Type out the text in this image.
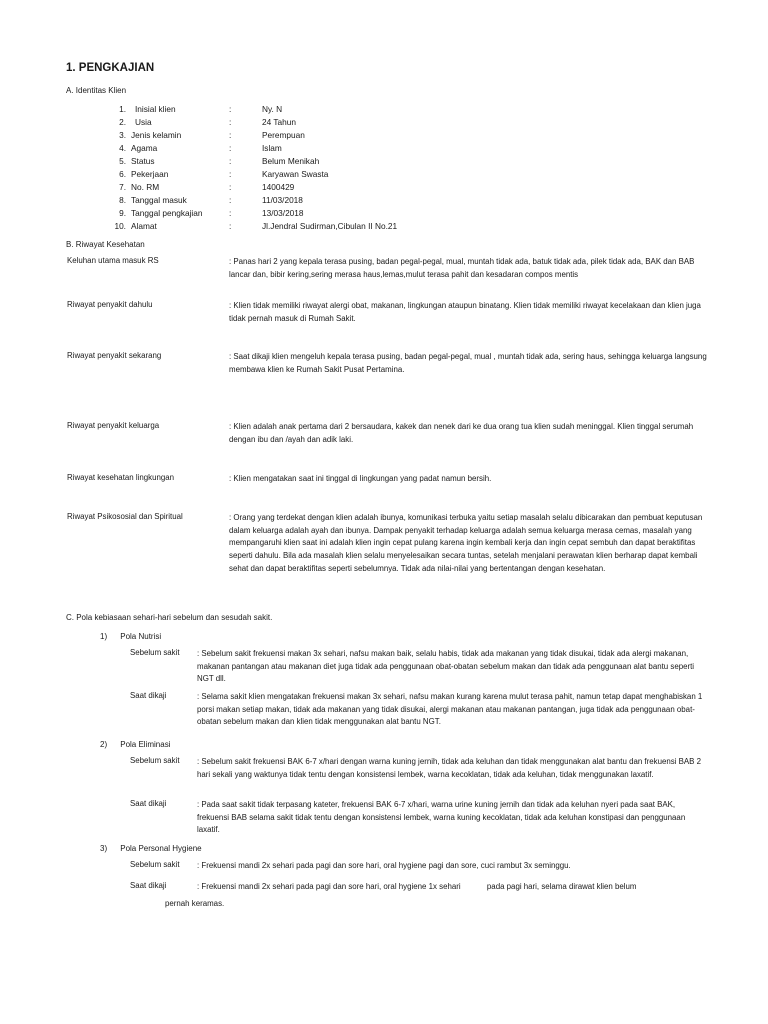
1. PENGKAJIAN
A. Identitas Klien
1. Inisial klien	:	Ny. N
2. Usia	:	24 Tahun
3. Jenis kelamin	:	Perempuan
4. Agama	:	Islam
5. Status	:	Belum Menikah
6. Pekerjaan	:	Karyawan Swasta
7. No. RM	:	1400429
8. Tanggal masuk	:	11/03/2018
9. Tanggal pengkajian	:	13/03/2018
10. Alamat	:	Jl.Jendral Sudirman,Cibulan II No.21
B. Riwayat Kesehatan
Keluhan utama masuk RS	: Panas hari 2 yang kepala terasa pusing, badan pegal-pegal, mual, muntah tidak ada, batuk tidak ada, pilek tidak ada, BAK dan BAB lancar dan, bibir kering,sering merasa haus,lemas,mulut terasa pahit dan kesadaran compos mentis
Riwayat penyakit dahulu	: Klien tidak memiliki riwayat alergi obat, makanan, lingkungan ataupun binatang. Klien tidak memiliki riwayat kecelakaan dan klien juga tidak pernah masuk di Rumah Sakit.
Riwayat penyakit sekarang	: Saat dikaji klien mengeluh kepala terasa pusing, badan pegal-pegal, mual , muntah tidak ada, sering haus, sehingga keluarga langsung membawa klien ke Rumah Sakit Pusat Pertamina.
Riwayat penyakit keluarga	: Klien adalah anak pertama dari 2 bersaudara, kakek dan nenek dari ke dua orang tua klien sudah meninggal. Klien tinggal serumah dengan ibu dan /ayah dan adik laki.
Riwayat kesehatan lingkungan	: Klien mengatakan saat ini tinggal di lingkungan yang padat namun bersih.
Riwayat Psikososial dan Spiritual	: Orang yang terdekat dengan klien adalah ibunya, komunikasi terbuka yaitu setiap masalah selalu dibicarakan dan pembuat keputusan dalam keluarga adalah ayah dan ibunya. Dampak penyakit terhadap keluarga adalah semua keluarga merasa cemas, masalah yang mempangaruhi klien saat ini adalah klien ingin cepat pulang karena ingin kembali kerja dan ingin cepat sembuh dan dapat beraktifitas seperti dahulu. Bila ada masalah klien selalu menyelesaikan secara tuntas, setelah menjalani perawatan klien berharap dapat kembali sehat dan dapat beraktifitas seperti sebelumnya. Tidak ada nilai-nilai yang bertentangan dengan kesehatan.
C. Pola kebiasaan sehari-hari sebelum dan sesudah sakit.
1) Pola Nutrisi
Sebelum sakit : Sebelum sakit frekuensi makan 3x sehari, nafsu makan baik, selalu habis, tidak ada makanan yang tidak disukai, tidak ada alergi makanan, makanan pantangan atau makanan diet juga tidak ada penggunaan obat-obatan sebelum makan dan tidak ada penggunaan alat bantu seperti NGT dll.
Saat dikaji	: Selama sakit klien mengatakan frekuensi makan 3x sehari, nafsu makan kurang karena mulut terasa pahit, namun tetap dapat menghabiskan 1 porsi makan setiap makan, tidak ada makanan yang tidak disukai, alergi makanan atau makanan pantangan, juga tidak ada penggunaan obat-obatan sebelum makan dan klien tidak menggunakan alat bantu NGT.
2) Pola Eliminasi
Sebelum sakit : Sebelum sakit frekuensi BAK 6-7 x/hari dengan warna kuning jernih, tidak ada keluhan dan tidak menggunakan alat bantu dan frekuensi BAB 2 hari sekali yang waktunya tidak tentu dengan konsistensi lembek, warna kecoklatan, tidak ada keluhan, tidak menggunakan laxatif.
Saat dikaji	: Pada saat sakit tidak terpasang kateter, frekuensi BAK 6-7 x/hari, warna urine kuning jernih dan tidak ada keluhan nyeri pada saat BAK, frekuensi BAB selama sakit tidak tentu dengan konsistensi lembek, warna kuning kecoklatan, tidak ada keluhan konstipasi dan penggunaan laxatif.
3) Pola Personal Hygiene
Sebelum sakit : Frekuensi mandi 2x sehari pada pagi dan sore hari, oral hygiene pagi dan sore, cuci rambut 3x seminggu.
Saat dikaji	: Frekuensi mandi 2x sehari pada pagi dan sore hari, oral hygiene 1x sehari            pada pagi hari, selama dirawat klien belum
pernah keramas.
